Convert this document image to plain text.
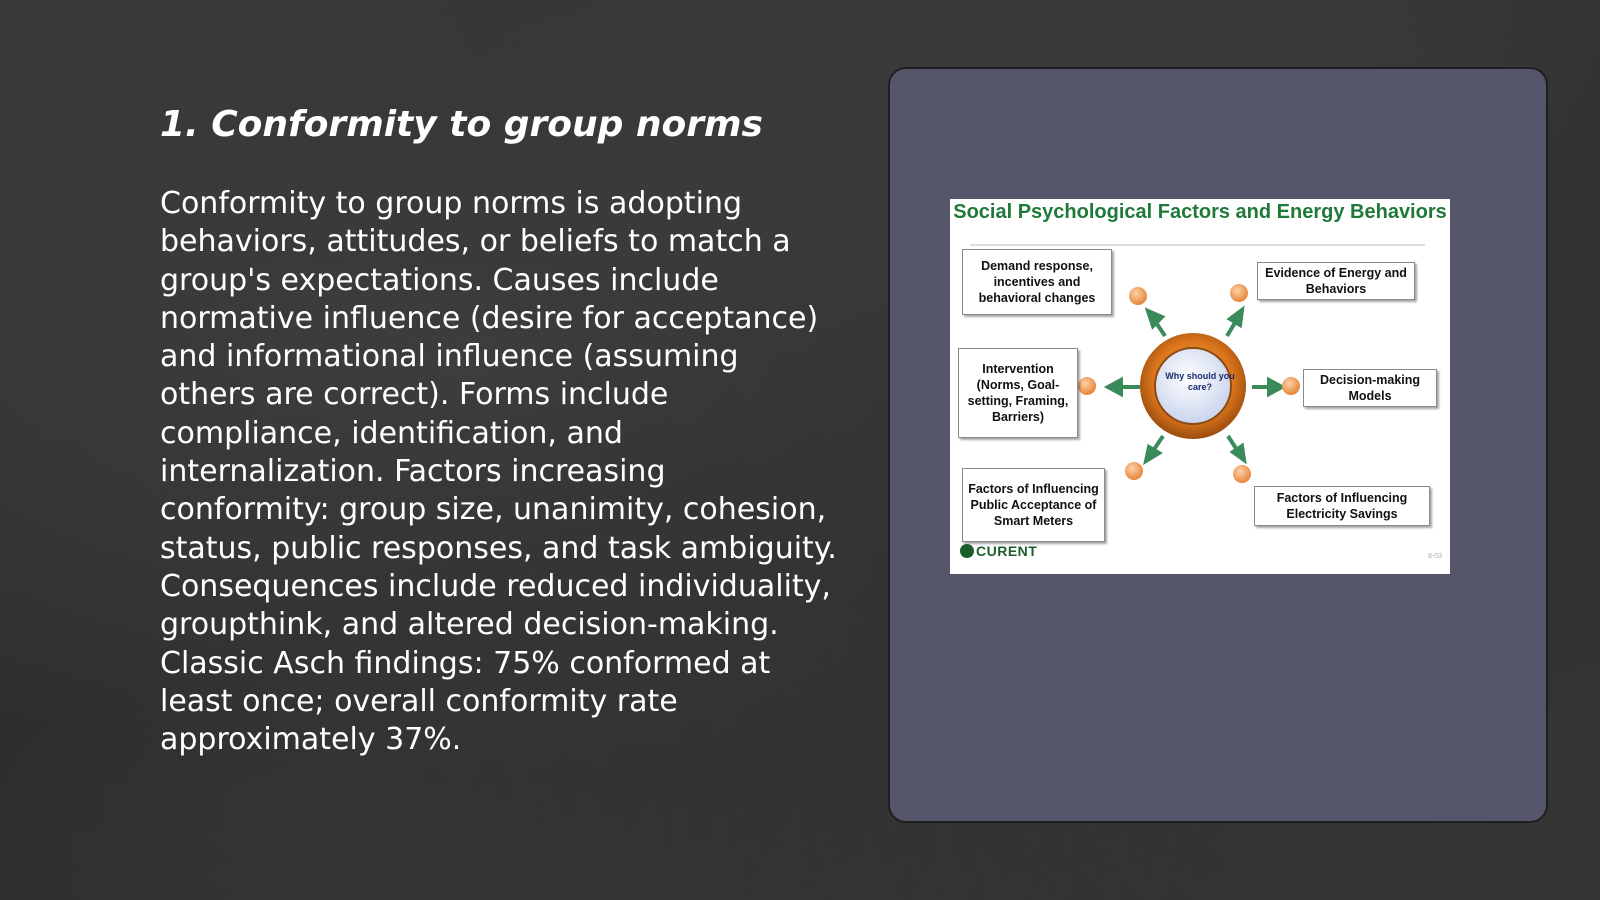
1. Conformity to group norms

Conformity to group norms is adopting behaviors, attitudes, or beliefs to match a group's expectations. Causes include normative influence (desire for acceptance) and informational influence (assuming others are correct). Forms include compliance, identification, and internalization. Factors increasing conformity: group size, unanimity, cohesion, status, public responses, and task ambiguity. Consequences include reduced individuality, groupthink, and altered decision-making. Classic Asch findings: 75% conformed at least once; overall conformity rate approximately 37%.

Social Psychological Factors and Energy Behaviors
Why should you care?
Demand response, incentives and behavioral changes
Evidence of Energy and Behaviors
Intervention (Norms, Goal-setting, Framing, Barriers)
Decision-making Models
Factors of Influencing Public Acceptance of Smart Meters
Factors of Influencing Electricity Savings
CURENT	8-03
